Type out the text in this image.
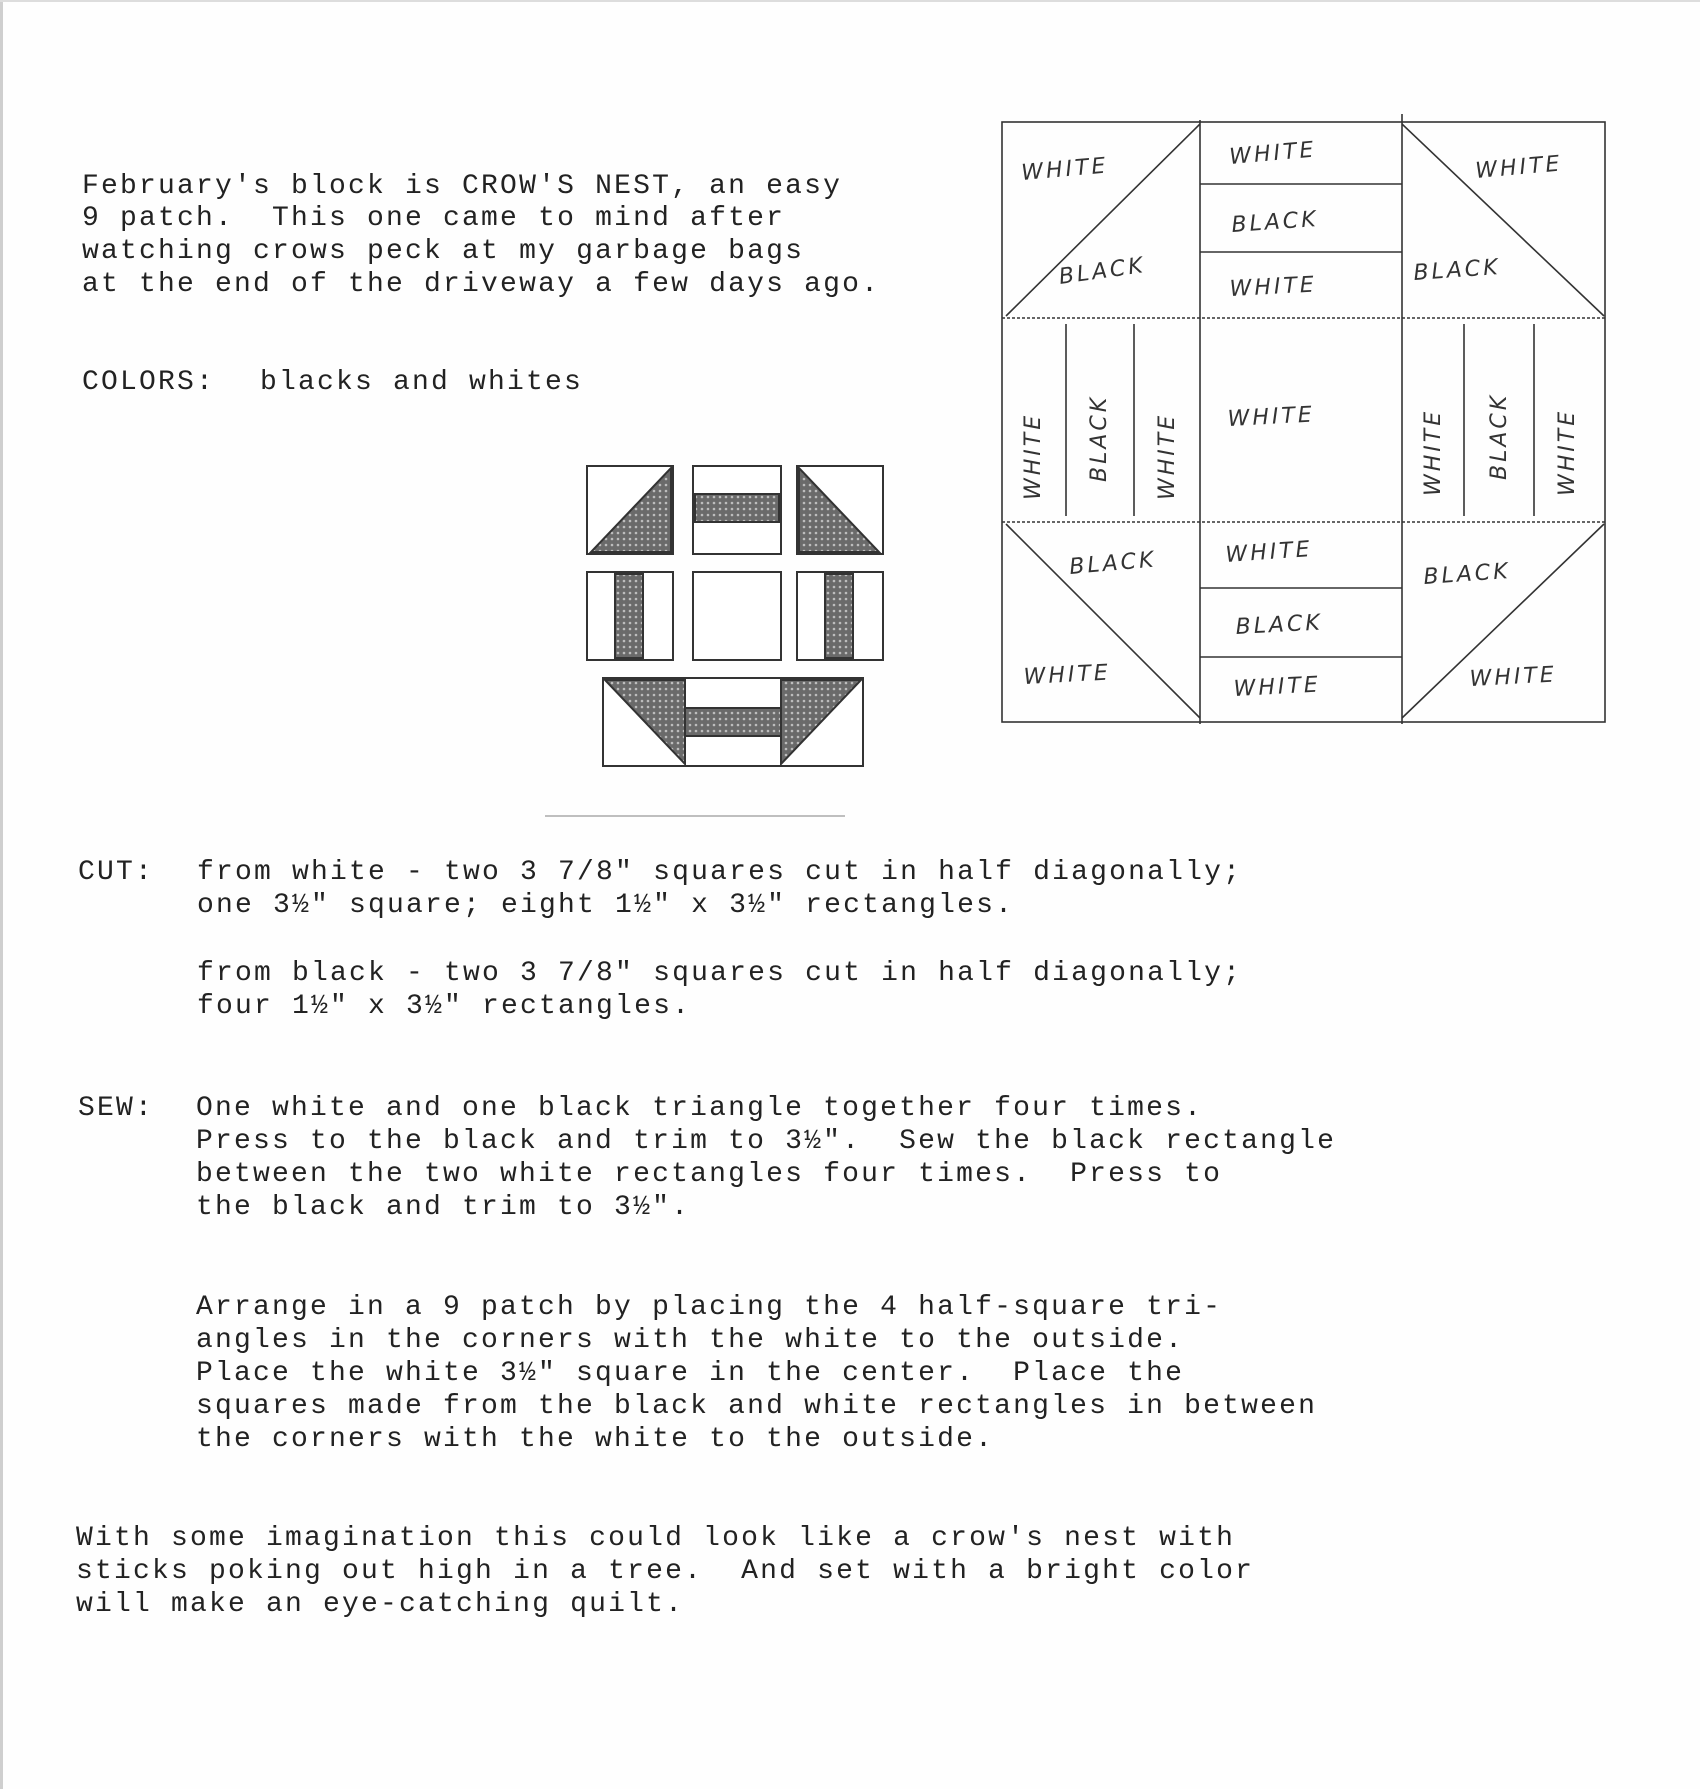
February's block is CROW'S NEST, an easy
9 patch.  This one came to mind after
watching crows peck at my garbage bags
at the end of the driveway a few days ago.
COLORS: blacks and whites
WHITE
BLACK
WHITE
BLACK
WHITE
WHITE
BLACK
WHITE BLACK WHITE WHITE	WHITE BLACK WHITE
BLACK
WHITE
WHITE
BLACK
WHITE
BLACK
WHITE
CUT: from white - two 3 7/8" squares cut in half diagonally;
one 3½" square; eight 1½" x 3½" rectangles.
from black - two 3 7/8" squares cut in half diagonally;
four 1½" x 3½" rectangles.
SEW: One white and one black triangle together four times.
Press to the black and trim to 3½".  Sew the black rectangle
between the two white rectangles four times.  Press to
the black and trim to 3½".
Arrange in a 9 patch by placing the 4 half-square tri-
angles in the corners with the white to the outside.
Place the white 3½" square in the center.  Place the
squares made from the black and white rectangles in between
the corners with the white to the outside.
With some imagination this could look like a crow's nest with
sticks poking out high in a tree.  And set with a bright color
will make an eye-catching quilt.
